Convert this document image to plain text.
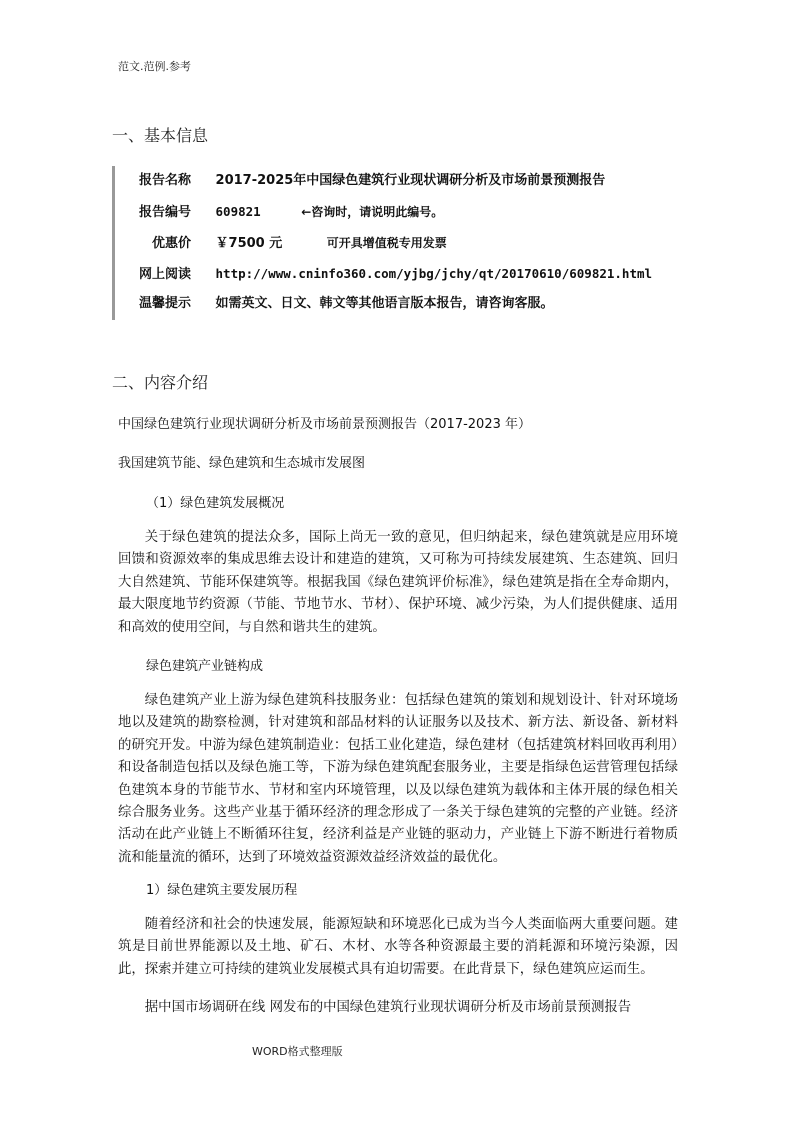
范文.范例.参考
一、基本信息
报告名称 2017-2025年中国绿色建筑行业现状调研分析及市场前景预测报告
报告编号 609821	←咨询时，请说明此编号。
优惠价 ￥7500 元	可开具增值税专用发票
网上阅读 http://www.cninfo360.com/yjbg/jchy/qt/20170610/609821.html
温馨提示 如需英文、日文、韩文等其他语言版本报告，请咨询客服。
二、内容介绍
中国绿色建筑行业现状调研分析及市场前景预测报告（2017-2023 年）
我国建筑节能、绿色建筑和生态城市发展图
（1）绿色建筑发展概况
关于绿色建筑的提法众多，国际上尚无一致的意见，但归纳起来，绿色建筑就是应用环境回馈和资源效率的集成思维去设计和建造的建筑，又可称为可持续发展建筑、生态建筑、回归大自然建筑、节能环保建筑等。根据我国《绿色建筑评价标准》，绿色建筑是指在全寿命期内，最大限度地节约资源（节能、节地节水、节材）、保护环境、减少污染，为人们提供健康、适用和高效的使用空间，与自然和谐共生的建筑。
绿色建筑产业链构成
绿色建筑产业上游为绿色建筑科技服务业：包括绿色建筑的策划和规划设计、针对环境场地以及建筑的勘察检测，针对建筑和部品材料的认证服务以及技术、新方法、新设备、新材料的研究开发。中游为绿色建筑制造业：包括工业化建造，绿色建材（包括建筑材料回收再利用）和设备制造包括以及绿色施工等，下游为绿色建筑配套服务业，主要是指绿色运营管理包括绿色建筑本身的节能节水、节材和室内环境管理，以及以绿色建筑为载体和主体开展的绿色相关综合服务业务。这些产业基于循环经济的理念形成了一条关于绿色建筑的完整的产业链。经济活动在此产业链上不断循环往复，经济利益是产业链的驱动力，产业链上下游不断进行着物质流和能量流的循环，达到了环境效益资源效益经济效益的最优化。
1）绿色建筑主要发展历程
随着经济和社会的快速发展，能源短缺和环境恶化已成为当今人类面临两大重要问题。建筑是目前世界能源以及土地、矿石、木材、水等各种资源最主要的消耗源和环境污染源，因此，探索并建立可持续的建筑业发展模式具有迫切需要。在此背景下，绿色建筑应运而生。
据中国市场调研在线 网发布的中国绿色建筑行业现状调研分析及市场前景预测报告
WORD格式整理版
